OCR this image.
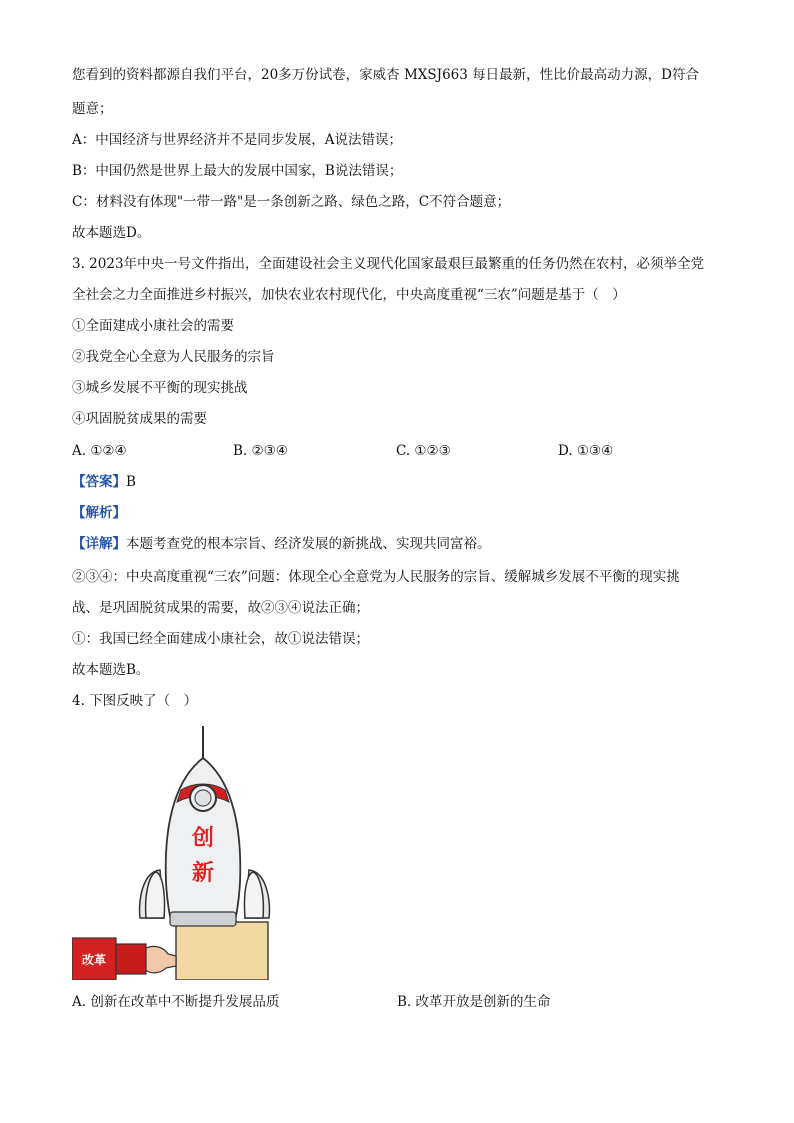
您看到的资料都源自我们平台，20多万份试卷，家威杏 MXSJ663 每日最新，性比价最高动力源，D符合
题意；
A：中国经济与世界经济并不是同步发展，A说法错误；
B：中国仍然是世界上最大的发展中国家，B说法错误；
C：材料没有体现"一带一路"是一条创新之路、绿色之路，C不符合题意；
故本题选D。
3. 2023年中央一号文件指出，全面建设社会主义现代化国家最艰巨最繁重的任务仍然在农村，必须举全党
全社会之力全面推进乡村振兴，加快农业农村现代化，中央高度重视“三农”问题是基于（　）
①全面建成小康社会的需要
②我党全心全意为人民服务的宗旨
③城乡发展不平衡的现实挑战
④巩固脱贫成果的需要
A. ①②④	B. ②③④	C. ①②③	D. ①③④
【答案】B
【解析】
【详解】本题考查党的根本宗旨、经济发展的新挑战、实现共同富裕。
②③④：中央高度重视“三农”问题：体现全心全意党为人民服务的宗旨、缓解城乡发展不平衡的现实挑
战、是巩固脱贫成果的需要，故②③④说法正确；
①：我国已经全面建成小康社会，故①说法错误；
故本题选B。
4. 下图反映了（　）
创
新
改革
A. 创新在改革中不断提升发展品质	B. 改革开放是创新的生命
